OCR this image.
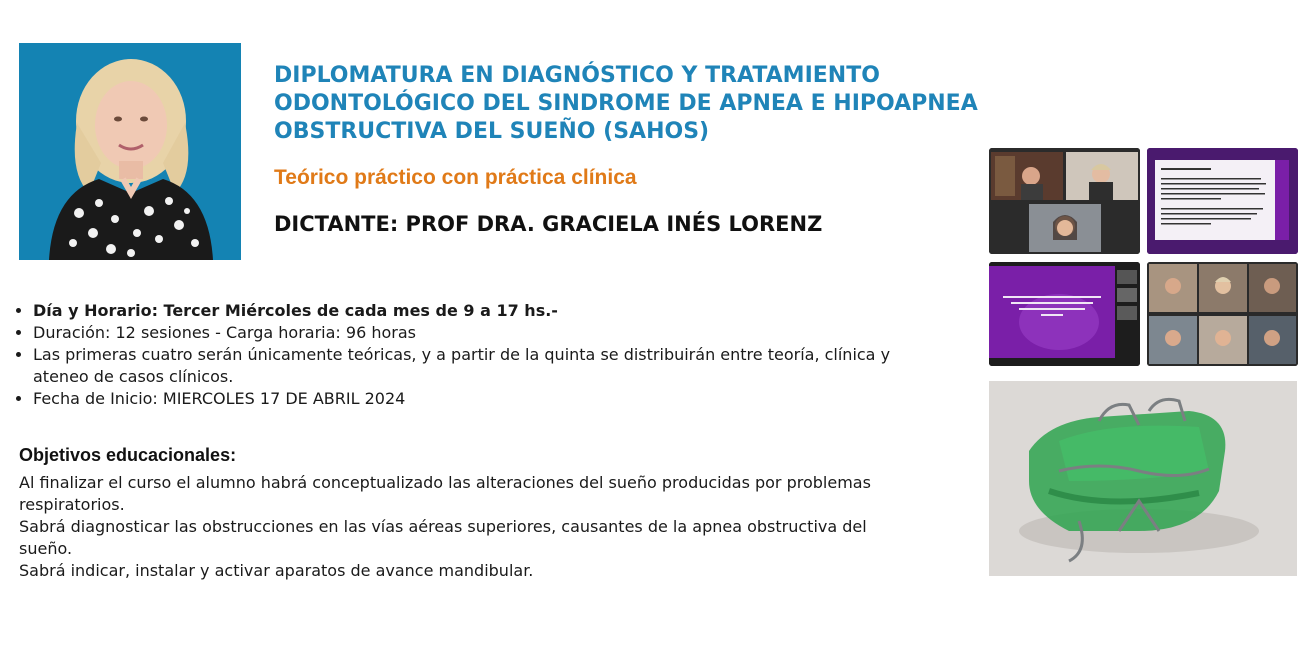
DIPLOMATURA EN DIAGNÓSTICO Y TRATAMIENTO
ODONTOLÓGICO DEL SINDROME DE APNEA E HIPOAPNEA
OBSTRUCTIVA DEL SUEÑO (SAHOS)
Teórico práctico con práctica clínica
DICTANTE: PROF DRA. GRACIELA INÉS LORENZ
• Día y Horario: Tercer Miércoles de cada mes de 9 a 17 hs.-
• Duración: 12 sesiones - Carga horaria: 96 horas
• Las primeras cuatro serán únicamente teóricas, y a partir de la quinta se distribuirán entre teoría, clínica y ateneo de casos clínicos.
• Fecha de Inicio: MIERCOLES 17 DE ABRIL 2024
Objetivos educacionales:

Al finalizar el curso el alumno habrá conceptualizado las alteraciones del sueño producidas por problemas respiratorios.

Sabrá diagnosticar las obstrucciones en las vías aéreas superiores, causantes de la apnea obstructiva del sueño.

Sabrá indicar, instalar y activar aparatos de avance mandibular.
